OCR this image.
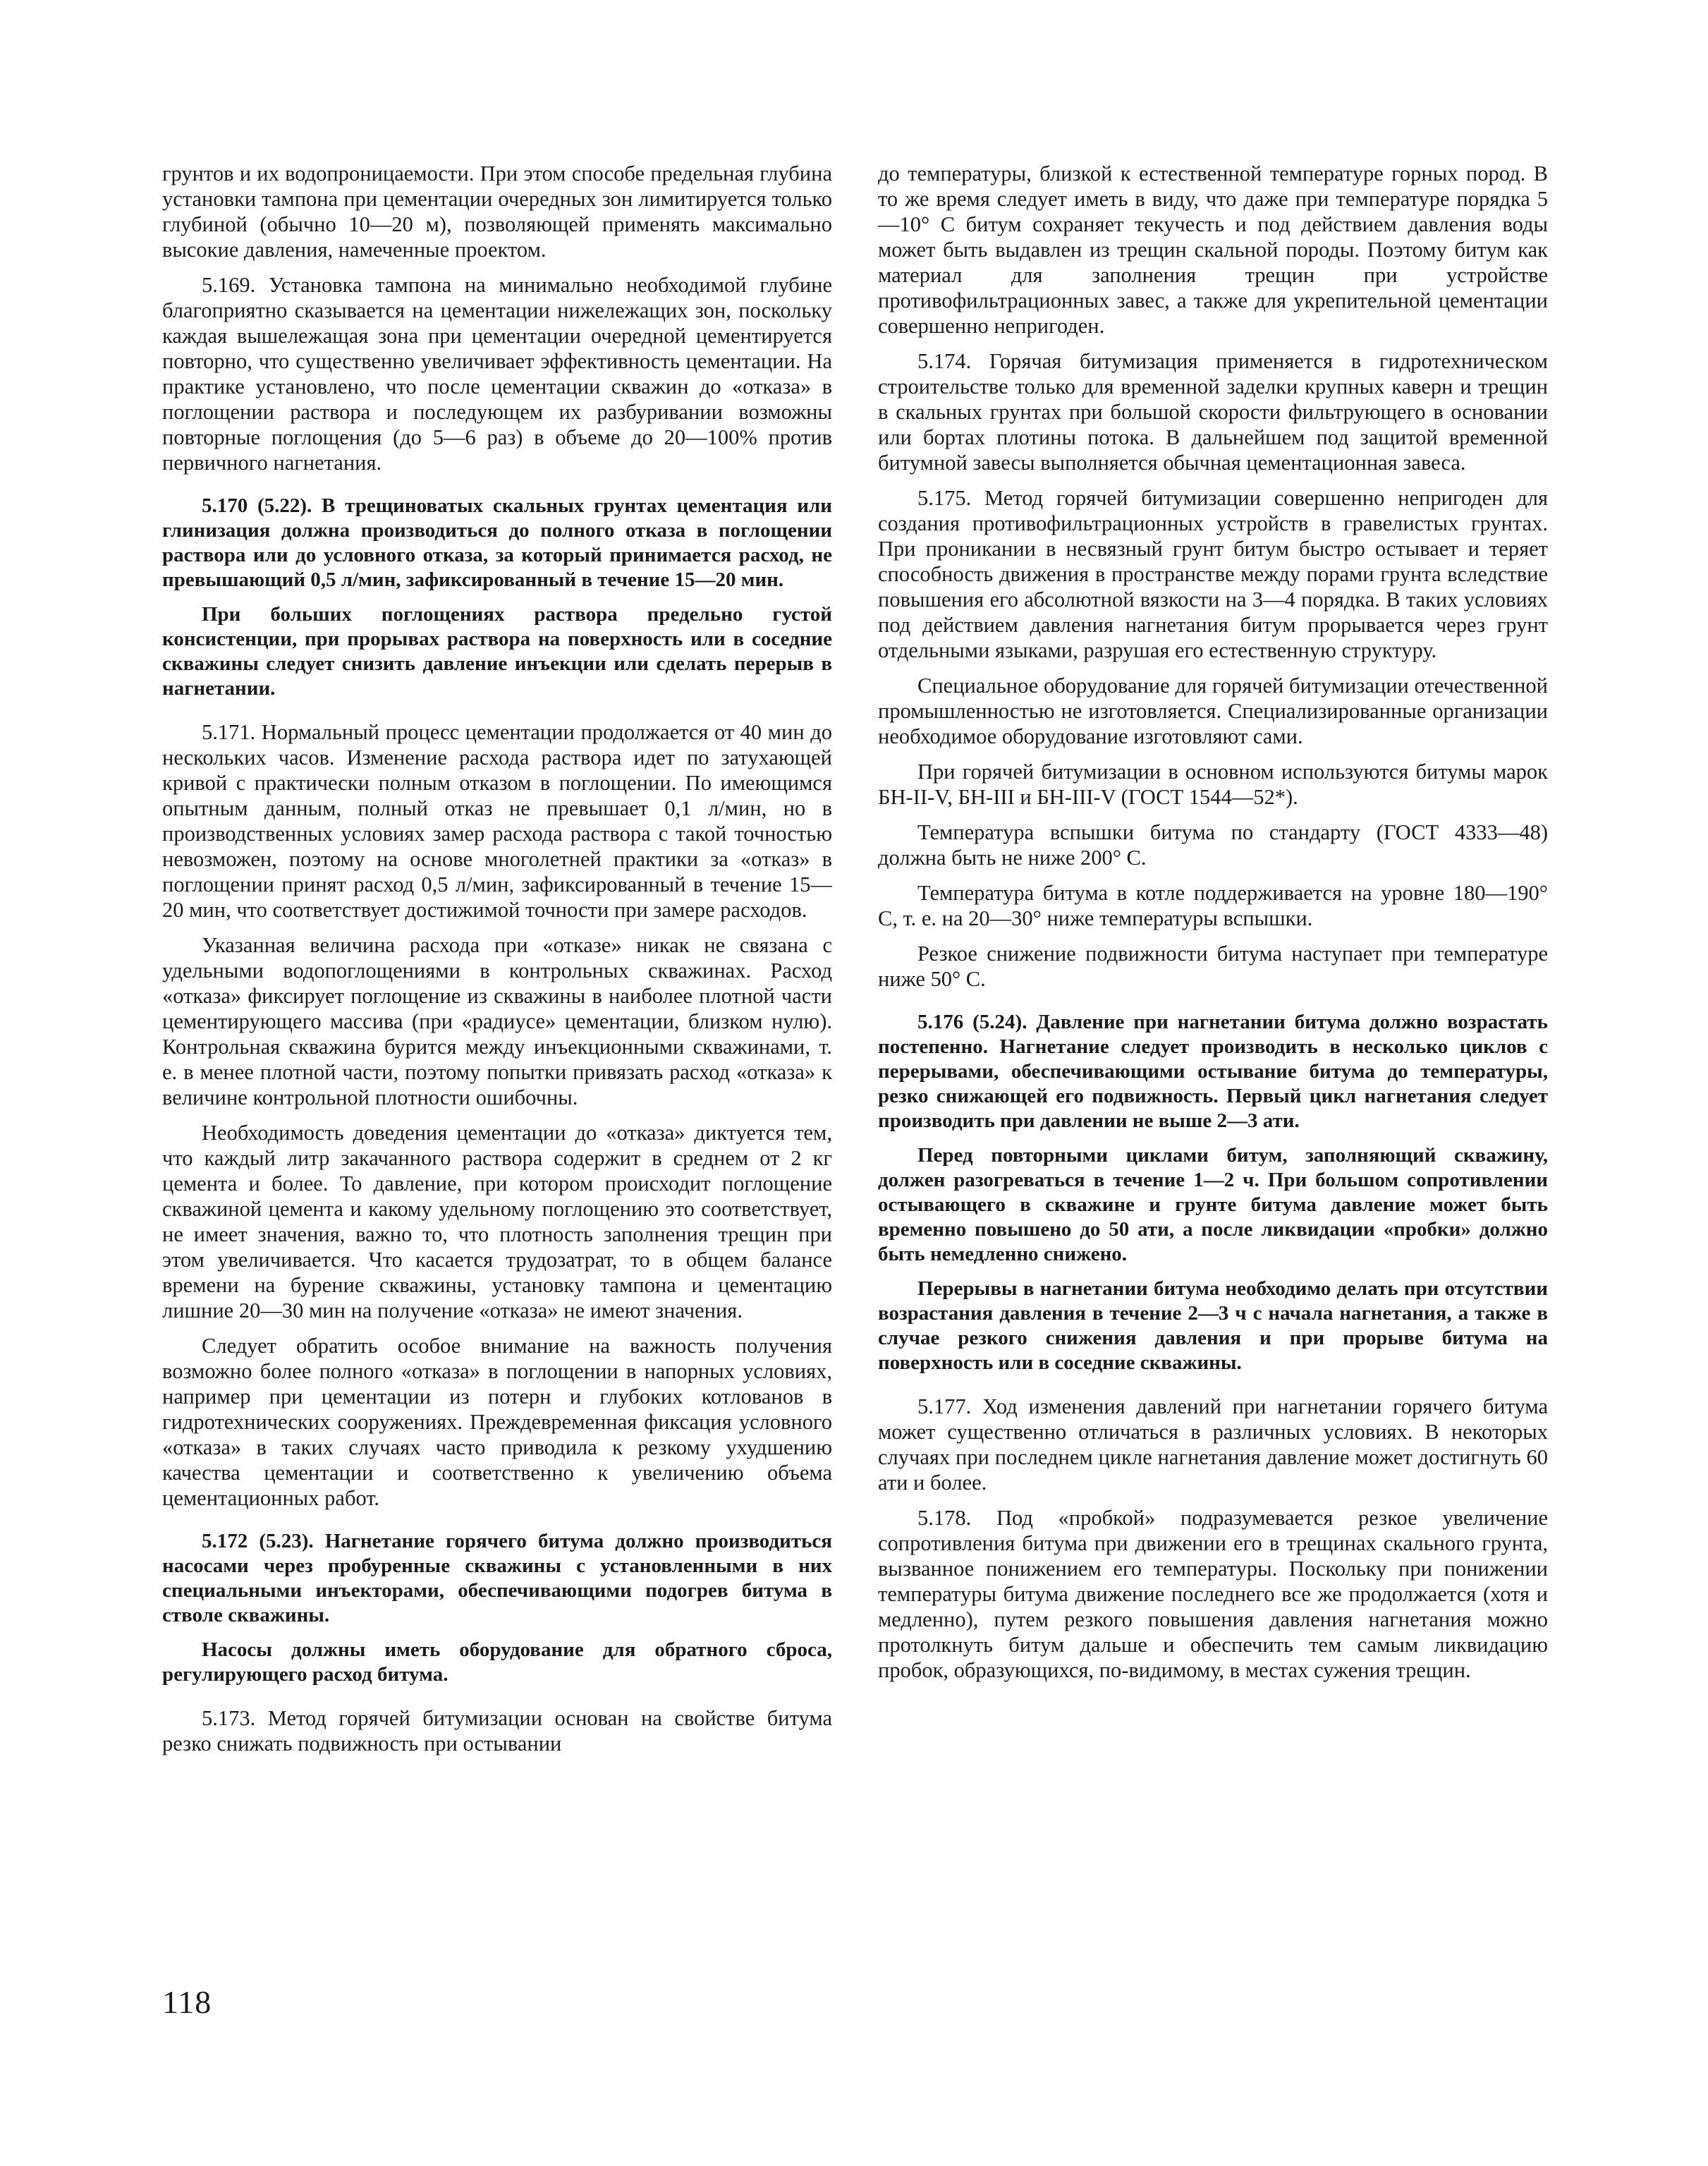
грунтов и их водопроницаемости. При этом способе предельная глубина установки тампона при цементации очередных зон лимитируется только глубиной (обычно 10—20 м), позволяющей применять максимально высокие давления, намеченные проектом.

5.169. Установка тампона на минимально необходимой глубине благоприятно сказывается на цементации нижележащих зон, поскольку каждая вышележащая зона при цементации очередной цементируется повторно, что существенно увеличивает эффективность цементации. На практике установлено, что после цементации скважин до «отказа» в поглощении раствора и последующем их разбуривании возможны повторные поглощения (до 5—6 раз) в объеме до 20—100% против первичного нагнетания.

5.170 (5.22). В трещиноватых скальных грунтах цементация или глинизация должна производиться до полного отказа в поглощении раствора или до условного отказа, за который принимается расход, не превышающий 0,5 л/мин, зафиксированный в течение 15—20 мин.

При больших поглощениях раствора предельно густой консистенции, при прорывах раствора на поверхность или в соседние скважины следует снизить давление инъекции или сделать перерыв в нагнетании.

5.171. Нормальный процесс цементации продолжается от 40 мин до нескольких часов. Изменение расхода раствора идет по затухающей кривой с практически полным отказом в поглощении. По имеющимся опытным данным, полный отказ не превышает 0,1 л/мин, но в производственных условиях замер расхода раствора с такой точностью невозможен, поэтому на основе многолетней практики за «отказ» в поглощении принят расход 0,5 л/мин, зафиксированный в течение 15—20 мин, что соответствует достижимой точности при замере расходов.

Указанная величина расхода при «отказе» никак не связана с удельными водопоглощениями в контрольных скважинах. Расход «отказа» фиксирует поглощение из скважины в наиболее плотной части цементирующего массива (при «радиусе» цементации, близком нулю). Контрольная скважина бурится между инъекционными скважинами, т. е. в менее плотной части, поэтому попытки привязать расход «отказа» к величине контрольной плотности ошибочны.

Необходимость доведения цементации до «отказа» диктуется тем, что каждый литр закачанного раствора содержит в среднем от 2 кг цемента и более. То давление, при котором происходит поглощение скважиной цемента и какому удельному поглощению это соответствует, не имеет значения, важно то, что плотность заполнения трещин при этом увеличивается. Что касается трудозатрат, то в общем балансе времени на бурение скважины, установку тампона и цементацию лишние 20—30 мин на получение «отказа» не имеют значения.

Следует обратить особое внимание на важность получения возможно более полного «отказа» в поглощении в напорных условиях, например при цементации из потерн и глубоких котлованов в гидротехнических сооружениях. Преждевременная фиксация условного «отказа» в таких случаях часто приводила к резкому ухудшению качества цементации и соответственно к увеличению объема цементационных работ.

5.172 (5.23). Нагнетание горячего битума должно производиться насосами через пробуренные скважины с установленными в них специальными инъекторами, обеспечивающими подогрев битума в стволе скважины.

Насосы должны иметь оборудование для обратного сброса, регулирующего расход битума.

5.173. Метод горячей битумизации основан на свойстве битума резко снижать подвижность при остывании

до температуры, близкой к естественной температуре горных пород. В то же время следует иметь в виду, что даже при температуре порядка 5—10° С битум сохраняет текучесть и под действием давления воды может быть выдавлен из трещин скальной породы. Поэтому битум как материал для заполнения трещин при устройстве противофильтрационных завес, а также для укрепительной цементации совершенно непригоден.

5.174. Горячая битумизация применяется в гидротехническом строительстве только для временной заделки крупных каверн и трещин в скальных грунтах при большой скорости фильтрующего в основании или бортах плотины потока. В дальнейшем под защитой временной битумной завесы выполняется обычная цементационная завеса.

5.175. Метод горячей битумизации совершенно непригоден для создания противофильтрационных устройств в гравелистых грунтах. При проникании в несвязный грунт битум быстро остывает и теряет способность движения в пространстве между порами грунта вследствие повышения его абсолютной вязкости на 3—4 порядка. В таких условиях под действием давления нагнетания битум прорывается через грунт отдельными языками, разрушая его естественную структуру.

Специальное оборудование для горячей битумизации отечественной промышленностью не изготовляется. Специализированные организации необходимое оборудование изготовляют сами.

При горячей битумизации в основном используются битумы марок БН-II-V, БН-III и БН-III-V (ГОСТ 1544—52*).

Температура вспышки битума по стандарту (ГОСТ 4333—48) должна быть не ниже 200° С.

Температура битума в котле поддерживается на уровне 180—190° С, т. е. на 20—30° ниже температуры вспышки.

Резкое снижение подвижности битума наступает при температуре ниже 50° С.

5.176 (5.24). Давление при нагнетании битума должно возрастать постепенно. Нагнетание следует производить в несколько циклов с перерывами, обеспечивающими остывание битума до температуры, резко снижающей его подвижность. Первый цикл нагнетания следует производить при давлении не выше 2—3 ати.

Перед повторными циклами битум, заполняющий скважину, должен разогреваться в течение 1—2 ч. При большом сопротивлении остывающего в скважине и грунте битума давление может быть временно повышено до 50 ати, а после ликвидации «пробки» должно быть немедленно снижено.

Перерывы в нагнетании битума необходимо делать при отсутствии возрастания давления в течение 2—3 ч с начала нагнетания, а также в случае резкого снижения давления и при прорыве битума на поверхность или в соседние скважины.

5.177. Ход изменения давлений при нагнетании горячего битума может существенно отличаться в различных условиях. В некоторых случаях при последнем цикле нагнетания давление может достигнуть 60 ати и более.

5.178. Под «пробкой» подразумевается резкое увеличение сопротивления битума при движении его в трещинах скального грунта, вызванное понижением его температуры. Поскольку при понижении температуры битума движение последнего все же продолжается (хотя и медленно), путем резкого повышения давления нагнетания можно протолкнуть битум дальше и обеспечить тем самым ликвидацию пробок, образующихся, по-видимому, в местах сужения трещин.

118
